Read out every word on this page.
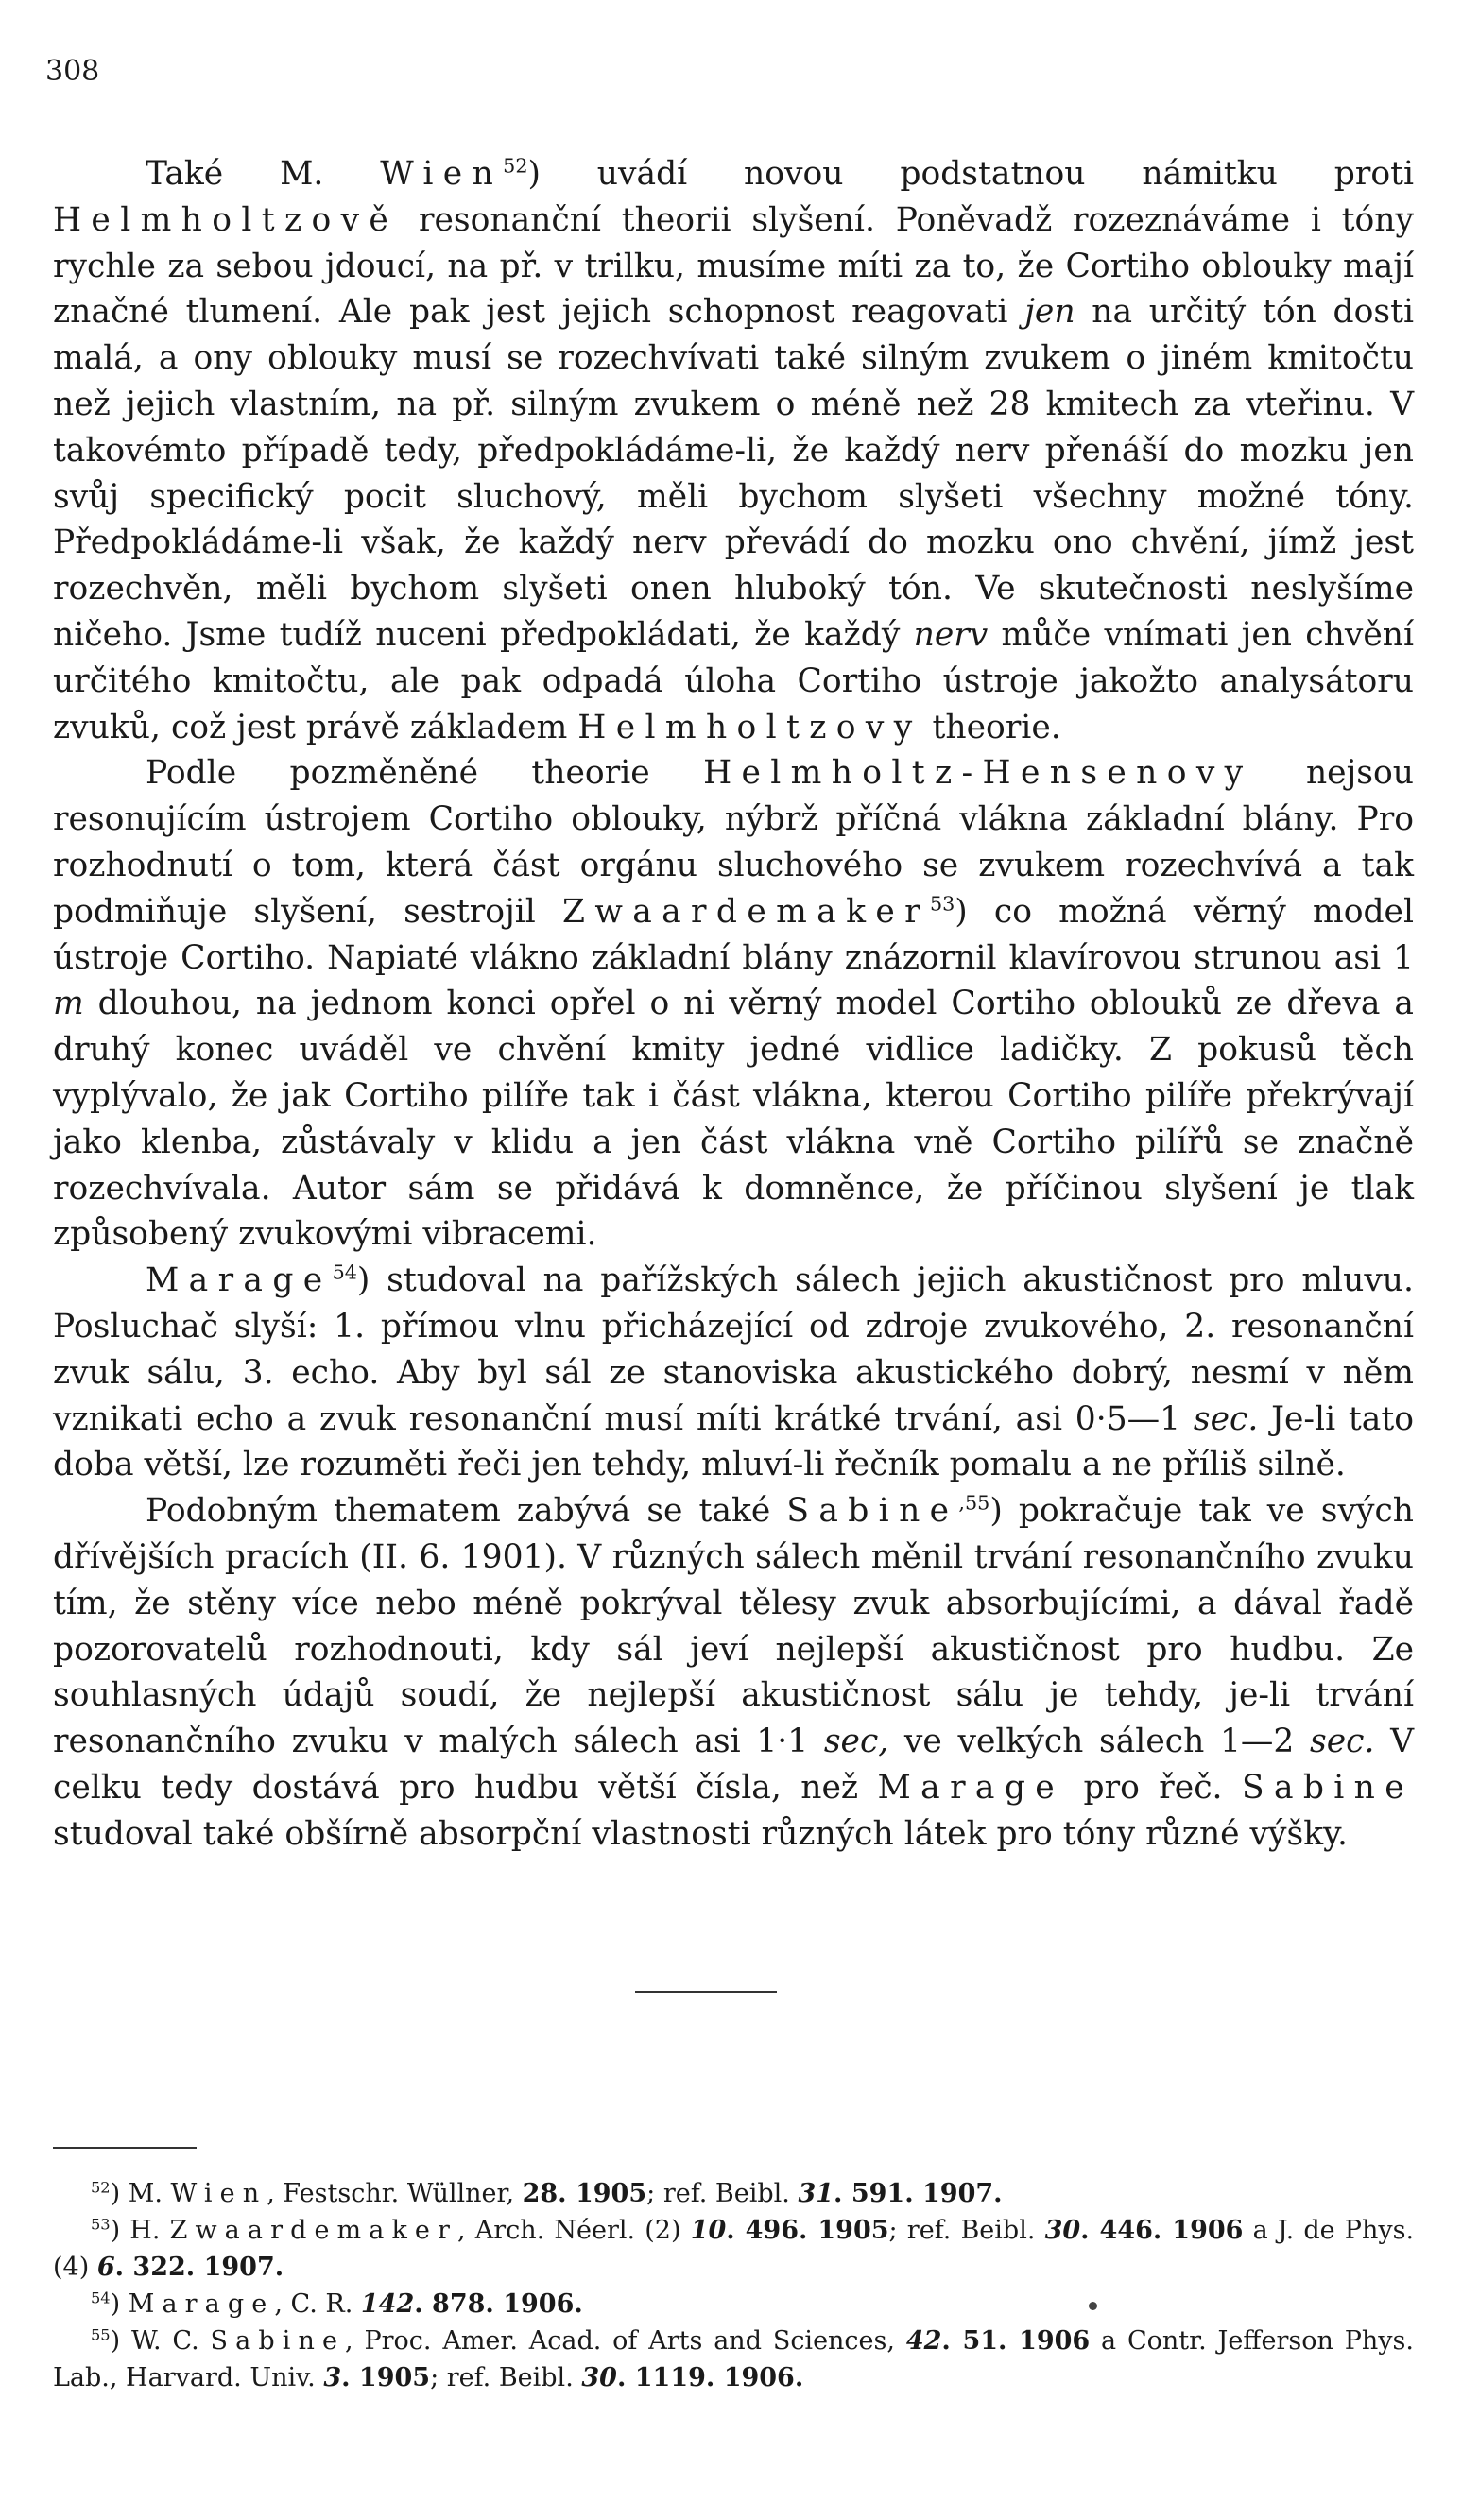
308

Také M. Wien$^{52}$) uvádí novou podstatnou námitku proti Helmholtzově resonanční theorii slyšení. Poněvadž rozeznáváme i tóny rychle za sebou jdoucí, na př. v trilku, musíme míti za to, že Cortiho oblouky mají značné tlumení. Ale pak jest jejich schopnost reagovati jen na určitý tón dosti malá, a ony oblouky musí se rozechvívati také silným zvukem o jiném kmitočtu než jejich vlastním, na př. silným zvukem o méně než 28 kmitech za vteřinu. V takovémto případě tedy, předpokládáme-li, že každý nerv přenáší do mozku jen svůj specifický pocit sluchový, měli bychom slyšeti všechny možné tóny. Předpokládáme-li však, že každý nerv převádí do mozku ono chvění, jímž jest rozechvěn, měli bychom slyšeti onen hluboký tón. Ve skutečnosti neslyšíme ničeho. Jsme tudíž nuceni předpokládati, že každý nerv můče vnímati jen chvění určitého kmitočtu, ale pak odpadá úloha Cortiho ústroje jakožto analysátoru zvuků, což jest právě základem Helmholtzovy theorie.

Podle pozměněné theorie Helmholtz-Hensenovy nejsou resonujícím ústrojem Cortiho oblouky, nýbrž příčná vlákna základní blány. Pro rozhodnutí o tom, která část orgánu sluchového se zvukem rozechvívá a tak podmiňuje slyšení, sestrojil Zwaardemaker$^{53}$) co možná věrný model ústroje Cortiho. Napiaté vlákno základní blány znázornil klavírovou strunou asi 1 m dlouhou, na jednom konci opřel o ni věrný model Cortiho oblouků ze dřeva a druhý konec uváděl ve chvění kmity jedné vidlice ladičky. Z pokusů těch vyplývalo, že jak Cortiho pilíře tak i část vlákna, kterou Cortiho pilíře překrývají jako klenba, zůstávaly v klidu a jen část vlákna vně Cortiho pilířů se značně rozechvívala. Autor sám se přidává k domněnce, že příčinou slyšení je tlak způsobený zvukovými vibracemi.

Marage$^{54}$) studoval na pařížských sálech jejich akustičnost pro mluvu. Posluchač slyší: 1. přímou vlnu přicházející od zdroje zvukového, 2. resonanční zvuk sálu, 3. echo. Aby byl sál ze stanoviska akustického dobrý, nesmí v něm vznikati echo a zvuk resonanční musí míti krátké trvání, asi 0·5—1 sec. Je-li tato doba větší, lze rozuměti řeči jen tehdy, mluví-li řečník pomalu a ne příliš silně.

Podobným thematem zabývá se také Sabine$^{,55}$) pokračuje tak ve svých dřívějších pracích (II. 6. 1901). V různých sálech měnil trvání resonančního zvuku tím, že stěny více nebo méně pokrýval tělesy zvuk absorbujícími, a dával řadě pozorovatelů rozhodnouti, kdy sál jeví nejlepší akustičnost pro hudbu. Ze souhlasných údajů soudí, že nejlepší akustičnost sálu je tehdy, je-li trvání resonančního zvuku v malých sálech asi 1·1 sec, ve velkých sálech 1—2 sec. V celku tedy dostává pro hudbu větší čísla, než Marage pro řeč. Sabine studoval také obšírně absorpční vlastnosti různých látek pro tóny různé výšky.

$^{52}$) M. Wien, Festschr. Wüllner, 28. 1905; ref. Beibl. 31. 591. 1907.

$^{53}$) H. Zwaardemaker, Arch. Néerl. (2) 10. 496. 1905; ref. Beibl. 30. 446. 1906 a J. de Phys. (4) 6. 322. 1907.

$^{54}$) Marage, C. R. 142. 878. 1906.

$^{55}$) W. C. Sabine, Proc. Amer. Acad. of Arts and Sciences, 42. 51. 1906 a Contr. Jefferson Phys. Lab., Harvard. Univ. 3. 1905; ref. Beibl. 30. 1119. 1906.
